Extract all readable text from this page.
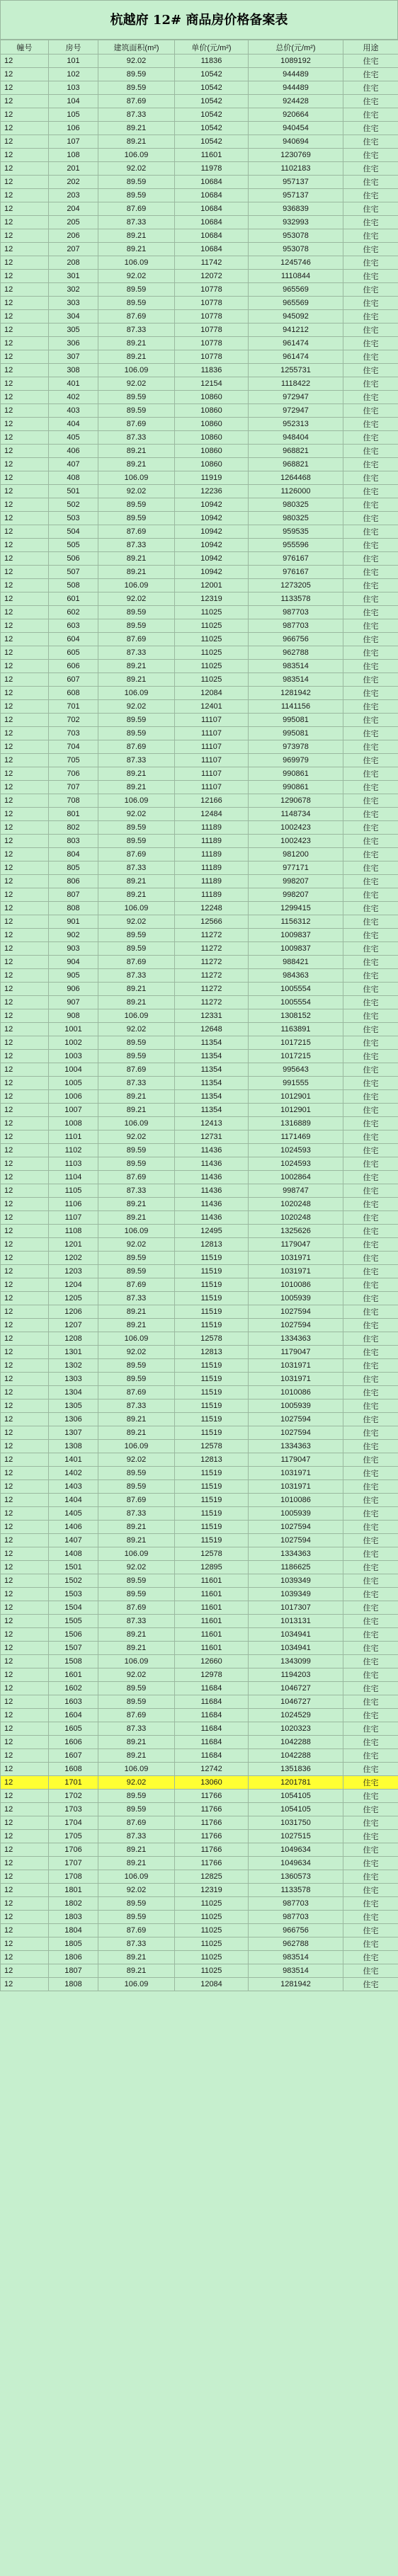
杭越府 12# 商品房价格备案表
幢号	房号	建筑面积(m²)	单价(元/m²)	总价(元/m²)	用途
12	101	92.02	11836	1089192	住宅
12	102	89.59	10542	944489	住宅
12	103	89.59	10542	944489	住宅
12	104	87.69	10542	924428	住宅
12	105	87.33	10542	920664	住宅
12	106	89.21	10542	940454	住宅
12	107	89.21	10542	940694	住宅
12	108	106.09	11601	1230769	住宅
12	201	92.02	11978	1102183	住宅
12	202	89.59	10684	957137	住宅
12	203	89.59	10684	957137	住宅
12	204	87.69	10684	936839	住宅
12	205	87.33	10684	932993	住宅
12	206	89.21	10684	953078	住宅
12	207	89.21	10684	953078	住宅
12	208	106.09	11742	1245746	住宅
12	301	92.02	12072	1110844	住宅
12	302	89.59	10778	965569	住宅
12	303	89.59	10778	965569	住宅
12	304	87.69	10778	945092	住宅
12	305	87.33	10778	941212	住宅
12	306	89.21	10778	961474	住宅
12	307	89.21	10778	961474	住宅
12	308	106.09	11836	1255731	住宅
12	401	92.02	12154	1118422	住宅
12	402	89.59	10860	972947	住宅
12	403	89.59	10860	972947	住宅
12	404	87.69	10860	952313	住宅
12	405	87.33	10860	948404	住宅
12	406	89.21	10860	968821	住宅
12	407	89.21	10860	968821	住宅
12	408	106.09	11919	1264468	住宅
12	501	92.02	12236	1126000	住宅
12	502	89.59	10942	980325	住宅
12	503	89.59	10942	980325	住宅
12	504	87.69	10942	959535	住宅
12	505	87.33	10942	955596	住宅
12	506	89.21	10942	976167	住宅
12	507	89.21	10942	976167	住宅
12	508	106.09	12001	1273205	住宅
12	601	92.02	12319	1133578	住宅
12	602	89.59	11025	987703	住宅
12	603	89.59	11025	987703	住宅
12	604	87.69	11025	966756	住宅
12	605	87.33	11025	962788	住宅
12	606	89.21	11025	983514	住宅
12	607	89.21	11025	983514	住宅
12	608	106.09	12084	1281942	住宅
12	701	92.02	12401	1141156	住宅
12	702	89.59	11107	995081	住宅
12	703	89.59	11107	995081	住宅
12	704	87.69	11107	973978	住宅
12	705	87.33	11107	969979	住宅
12	706	89.21	11107	990861	住宅
12	707	89.21	11107	990861	住宅
12	708	106.09	12166	1290678	住宅
12	801	92.02	12484	1148734	住宅
12	802	89.59	11189	1002423	住宅
12	803	89.59	11189	1002423	住宅
12	804	87.69	11189	981200	住宅
12	805	87.33	11189	977171	住宅
12	806	89.21	11189	998207	住宅
12	807	89.21	11189	998207	住宅
12	808	106.09	12248	1299415	住宅
12	901	92.02	12566	1156312	住宅
12	902	89.59	11272	1009837	住宅
12	903	89.59	11272	1009837	住宅
12	904	87.69	11272	988421	住宅
12	905	87.33	11272	984363	住宅
12	906	89.21	11272	1005554	住宅
12	907	89.21	11272	1005554	住宅
12	908	106.09	12331	1308152	住宅
12	1001	92.02	12648	1163891	住宅
12	1002	89.59	11354	1017215	住宅
12	1003	89.59	11354	1017215	住宅
12	1004	87.69	11354	995643	住宅
12	1005	87.33	11354	991555	住宅
12	1006	89.21	11354	1012901	住宅
12	1007	89.21	11354	1012901	住宅
12	1008	106.09	12413	1316889	住宅
12	1101	92.02	12731	1171469	住宅
12	1102	89.59	11436	1024593	住宅
12	1103	89.59	11436	1024593	住宅
12	1104	87.69	11436	1002864	住宅
12	1105	87.33	11436	998747	住宅
12	1106	89.21	11436	1020248	住宅
12	1107	89.21	11436	1020248	住宅
12	1108	106.09	12495	1325626	住宅
12	1201	92.02	12813	1179047	住宅
12	1202	89.59	11519	1031971	住宅
12	1203	89.59	11519	1031971	住宅
12	1204	87.69	11519	1010086	住宅
12	1205	87.33	11519	1005939	住宅
12	1206	89.21	11519	1027594	住宅
12	1207	89.21	11519	1027594	住宅
12	1208	106.09	12578	1334363	住宅
12	1301	92.02	12813	1179047	住宅
12	1302	89.59	11519	1031971	住宅
12	1303	89.59	11519	1031971	住宅
12	1304	87.69	11519	1010086	住宅
12	1305	87.33	11519	1005939	住宅
12	1306	89.21	11519	1027594	住宅
12	1307	89.21	11519	1027594	住宅
12	1308	106.09	12578	1334363	住宅
12	1401	92.02	12813	1179047	住宅
12	1402	89.59	11519	1031971	住宅
12	1403	89.59	11519	1031971	住宅
12	1404	87.69	11519	1010086	住宅
12	1405	87.33	11519	1005939	住宅
12	1406	89.21	11519	1027594	住宅
12	1407	89.21	11519	1027594	住宅
12	1408	106.09	12578	1334363	住宅
12	1501	92.02	12895	1186625	住宅
12	1502	89.59	11601	1039349	住宅
12	1503	89.59	11601	1039349	住宅
12	1504	87.69	11601	1017307	住宅
12	1505	87.33	11601	1013131	住宅
12	1506	89.21	11601	1034941	住宅
12	1507	89.21	11601	1034941	住宅
12	1508	106.09	12660	1343099	住宅
12	1601	92.02	12978	1194203	住宅
12	1602	89.59	11684	1046727	住宅
12	1603	89.59	11684	1046727	住宅
12	1604	87.69	11684	1024529	住宅
12	1605	87.33	11684	1020323	住宅
12	1606	89.21	11684	1042288	住宅
12	1607	89.21	11684	1042288	住宅
12	1608	106.09	12742	1351836	住宅
12	1701	92.02	13060	1201781	住宅
12	1702	89.59	11766	1054105	住宅
12	1703	89.59	11766	1054105	住宅
12	1704	87.69	11766	1031750	住宅
12	1705	87.33	11766	1027515	住宅
12	1706	89.21	11766	1049634	住宅
12	1707	89.21	11766	1049634	住宅
12	1708	106.09	12825	1360573	住宅
12	1801	92.02	12319	1133578	住宅
12	1802	89.59	11025	987703	住宅
12	1803	89.59	11025	987703	住宅
12	1804	87.69	11025	966756	住宅
12	1805	87.33	11025	962788	住宅
12	1806	89.21	11025	983514	住宅
12	1807	89.21	11025	983514	住宅
12	1808	106.09	12084	1281942	住宅
